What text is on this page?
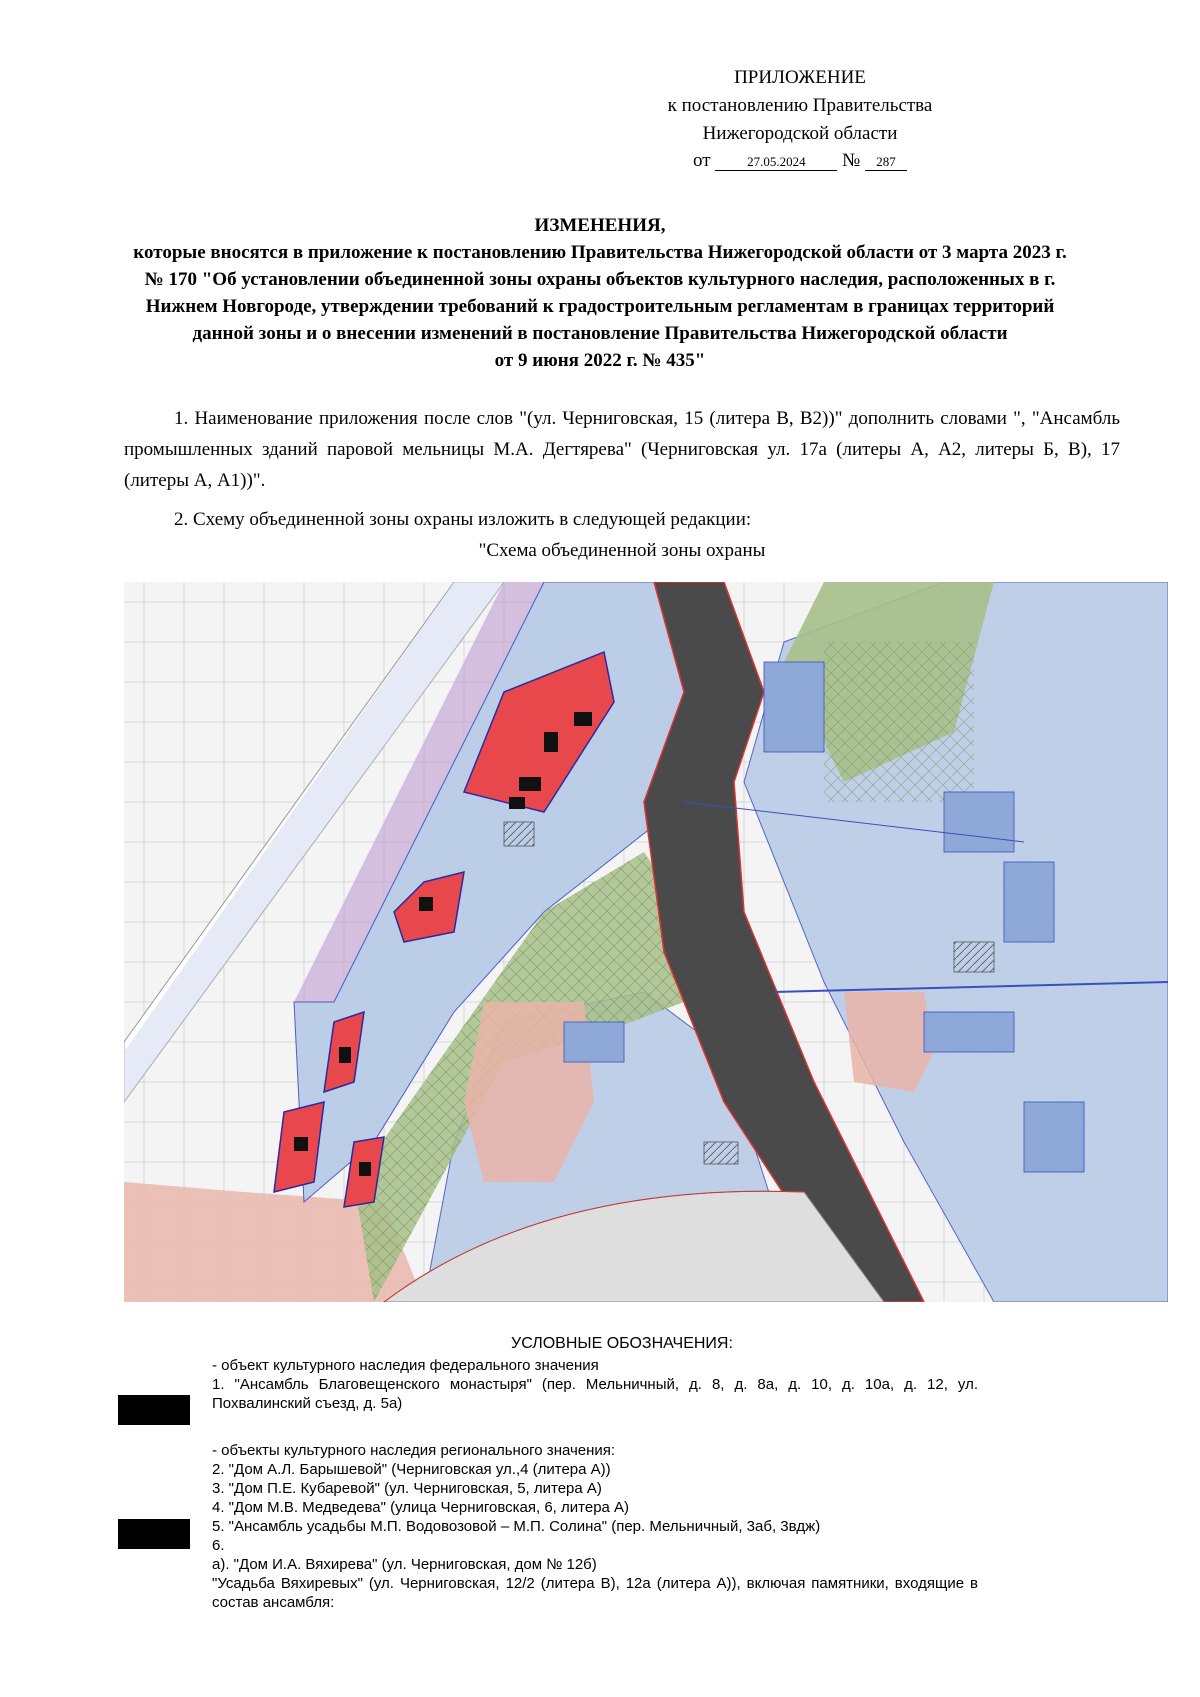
ПРИЛОЖЕНИЕ
к постановлению Правительства
Нижегородской области
от	27.05.2024 № 287
ИЗМЕНЕНИЯ,
которые вносятся в приложение к постановлению Правительства Нижегородской области от 3 марта 2023 г.
№ 170 "Об установлении объединенной зоны охраны объектов культурного наследия, расположенных в г.
Нижнем Новгороде, утверждении требований к градостроительным регламентам в границах территорий
данной зоны и о внесении изменений в постановление Правительства Нижегородской области
от 9 июня 2022 г. № 435"
1. Наименование приложения после слов "(ул. Черниговская, 15 (литера В, В2))" дополнить словами ", "Ансамбль промышленных зданий паровой мельницы М.А. Дегтярева" (Черниговская ул. 17а (литеры А, А2, литеры Б, В), 17 (литеры А, А1))".
2. Схему объединенной зоны охраны изложить в следующей редакции:
"Схема объединенной зоны охраны
УСЛОВНЫЕ ОБОЗНАЧЕНИЯ:
- объект культурного наследия федерального значения
1. "Ансамбль Благовещенского монастыря" (пер. Мельничный, д. 8, д. 8а, д. 10, д. 10а, д. 12, ул. Похвалинский съезд, д. 5а)
- объекты культурного наследия регионального значения:
2. "Дом А.Л. Барышевой" (Черниговская ул.,4 (литера А))
3. "Дом П.Е. Кубаревой" (ул. Черниговская, 5, литера А)
4. "Дом М.В. Медведева" (улица Черниговская, 6, литера А)
5. "Ансамбль усадьбы М.П. Водовозовой – М.П. Солина" (пер. Мельничный, 3аб, 3вдж)
6.
а). "Дом И.А. Вяхирева" (ул. Черниговская, дом № 12б)
"Усадьба Вяхиревых" (ул. Черниговская, 12/2 (литера В), 12а (литера А)), включая памятники, входящие в состав ансамбля:
